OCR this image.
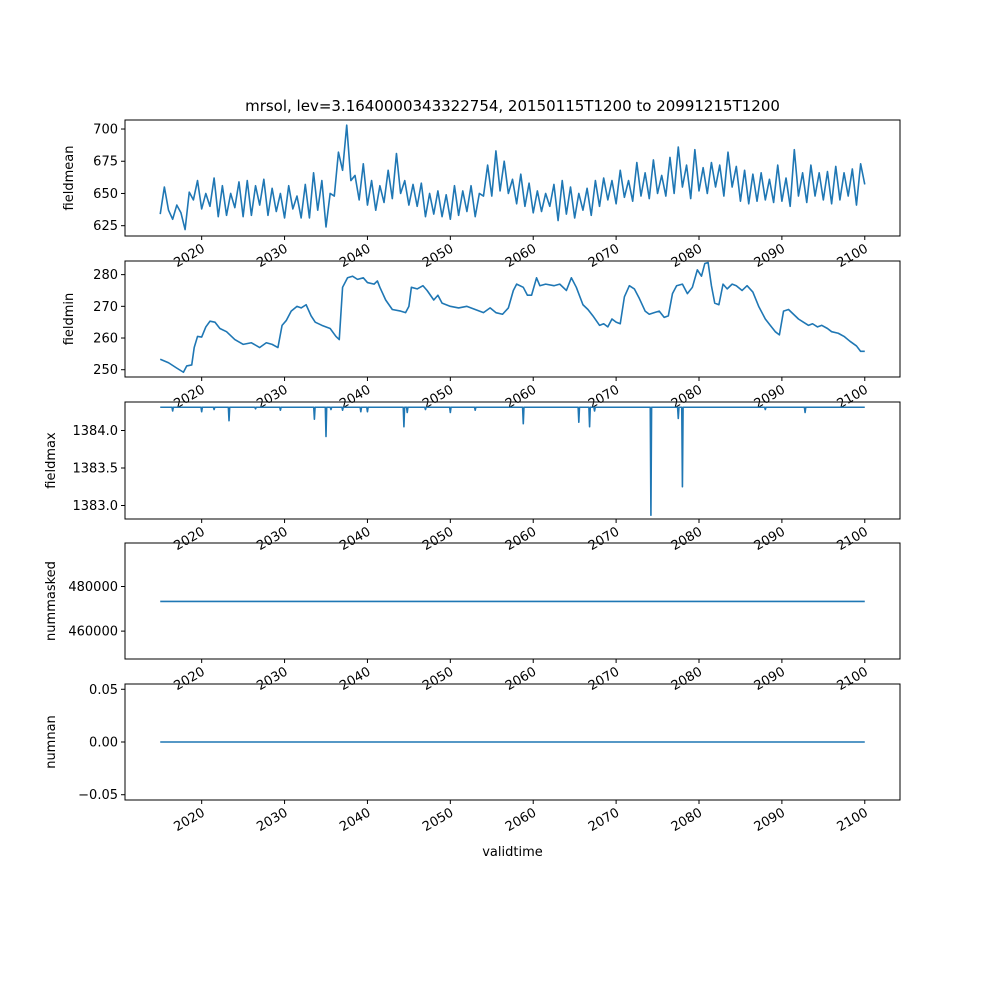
mrsol, lev=3.1640000343322754, 20150115T1200 to 20991215T1200
625
650
675
700
fieldmean
2020	2030	2040	2050	2060	2070	2080	2090	2100
250
260
270
280
fieldmin
2020	2030	2040	2050	2060	2070	2080	2090	2100
1383.0
1383.5
1384.0
fieldmax
2020	2030	2040	2050	2060	2070	2080	2090	2100
460000
480000
nummasked
2020	2030	2040	2050	2060	2070	2080	2090	2100
−0.05
0.00
0.05
numnan
2020	2030	2040	2050	2060	2070	2080	2090	2100
validtime
